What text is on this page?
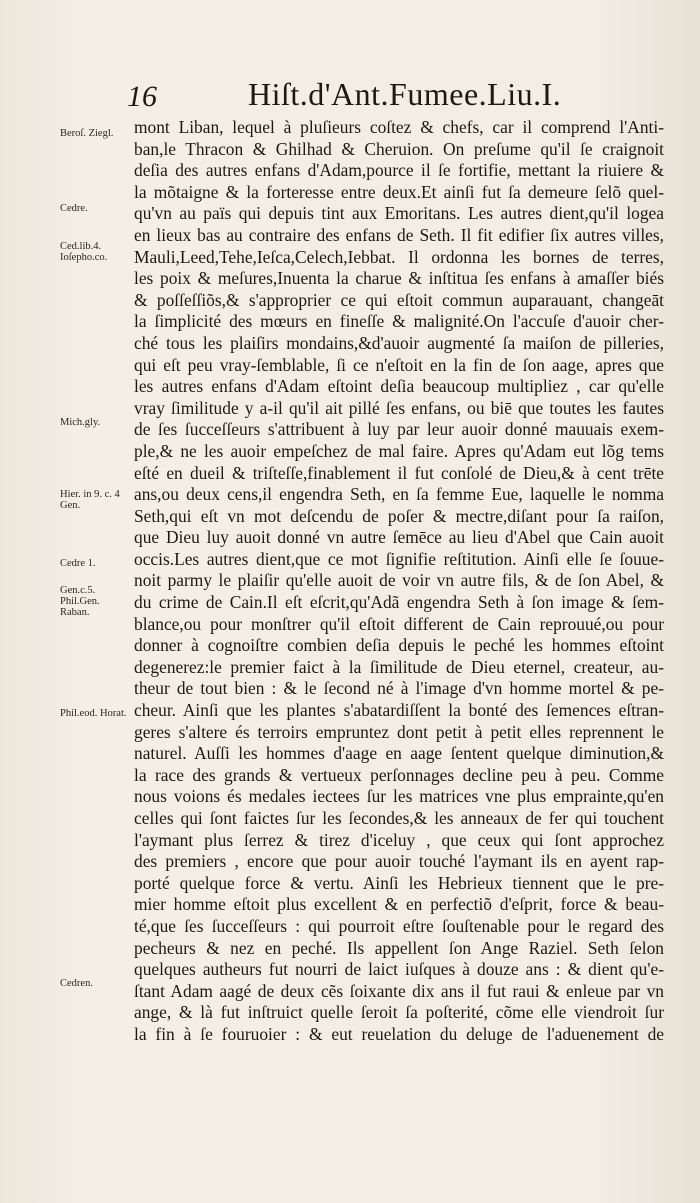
16	Hiſt.d'Ant.Fumee.Liu.I.
Beroſ. Ziegl.
Cedre.
Ced.lib.4. Ioſepho.co.
Mich.gly.
Hier. in 9. c. 4 Gen.
Cedre 1.
Gen.c.5. Phil.Gen. Raban.
Phil.eod. Horat.
Cedren.
mont Liban, lequel à pluſieurs coſtez & chefs, car il comprend l'Anti-
ban,le Thracon & Ghilhad & Cheruion. On preſume qu'il ſe craignoit
deſia des autres enfans d'Adam,pource il ſe fortifie, mettant la riuiere &
la mõtaigne & la forteresse entre deux.Et ainſi fut ſa demeure ſelõ quel-
qu'vn au païs qui depuis tint aux Emoritans. Les autres dient,qu'il logea
en lieux bas au contraire des enfans de Seth. Il fit edifier ſix autres villes,
Mauli,Leed,Tehe,Ieſca,Celech,Iebbat. Il ordonna les bornes de terres,
les poix & meſures,Inuenta la charue & inſtitua ſes enfans à amaſſer biés
& poſſeſſiõs,& s'approprier ce qui eſtoit commun auparauant, changeāt
la ſimplicité des mœurs en fineſſe & malignité.On l'accuſe d'auoir cher-
ché tous les plaiſirs mondains,&d'auoir augmenté ſa maiſon de pilleries,
qui eſt peu vray-ſemblable, ſi ce n'eſtoit en la fin de ſon aage, apres que
les autres enfans d'Adam eſtoint deſia beaucoup multipliez , car qu'elle
vray ſimilitude y a-il qu'il ait pillé ſes enfans, ou biē que toutes les fautes
de ſes ſucceſſeurs s'attribuent à luy par leur auoir donné mauuais exem-
ple,& ne les auoir empeſchez de mal faire. Apres qu'Adam eut lõg tems
eſté en dueil & triſteſſe,finablement il fut conſolé de Dieu,& à cent trēte
ans,ou deux cens,il engendra Seth, en ſa femme Eue, laquelle le nomma
Seth,qui eſt vn mot deſcendu de poſer & mectre,diſant pour ſa raiſon,
que Dieu luy auoit donné vn autre ſemēce au lieu d'Abel que Cain auoit
occis.Les autres dient,que ce mot ſignifie reſtitution. Ainſi elle ſe ſouue-
noit parmy le plaiſir qu'elle auoit de voir vn autre fils, & de ſon Abel, &
du crime de Cain.Il eſt eſcrit,qu'Adã engendra Seth à ſon image & ſem-
blance,ou pour monſtrer qu'il eſtoit different de Cain reprouué,ou pour
donner à cognoiſtre combien deſia depuis le peché les hommes eſtoint
degenerez:le premier faict à la ſimilitude de Dieu eternel, createur, au-
theur de tout bien : & le ſecond né à l'image d'vn homme mortel & pe-
cheur. Ainſi que les plantes s'abatardiſſent la bonté des ſemences eſtran-
geres s'altere és terroirs empruntez dont petit à petit elles reprennent le
naturel. Auſſi les hommes d'aage en aage ſentent quelque diminution,&
la race des grands & vertueux perſonnages decline peu à peu. Comme
nous voions és medales iectees ſur les matrices vne plus emprainte,qu'en
celles qui ſont faictes ſur les ſecondes,& les anneaux de fer qui touchent
l'aymant plus ſerrez & tirez d'iceluy , que ceux qui ſont approchez
des premiers , encore que pour auoir touché l'aymant ils en ayent rap-
porté quelque force & vertu. Ainſi les Hebrieux tiennent que le pre-
mier homme eſtoit plus excellent & en perfectiõ d'eſprit, force & beau-
té,que ſes ſucceſſeurs : qui pourroit eſtre ſouſtenable pour le regard des
pecheurs & nez en peché. Ils appellent ſon Ange Raziel. Seth ſelon
quelques autheurs fut nourri de laict iuſques à douze ans : & dient qu'e-
ſtant Adam aagé de deux cẽs ſoixante dix ans il fut raui & enleue par vn
ange, & là fut inſtruict quelle ſeroit ſa poſterité, cõme elle viendroit ſur
la fin à ſe fouruoier : & eut reuelation du deluge de l'aduenement de
